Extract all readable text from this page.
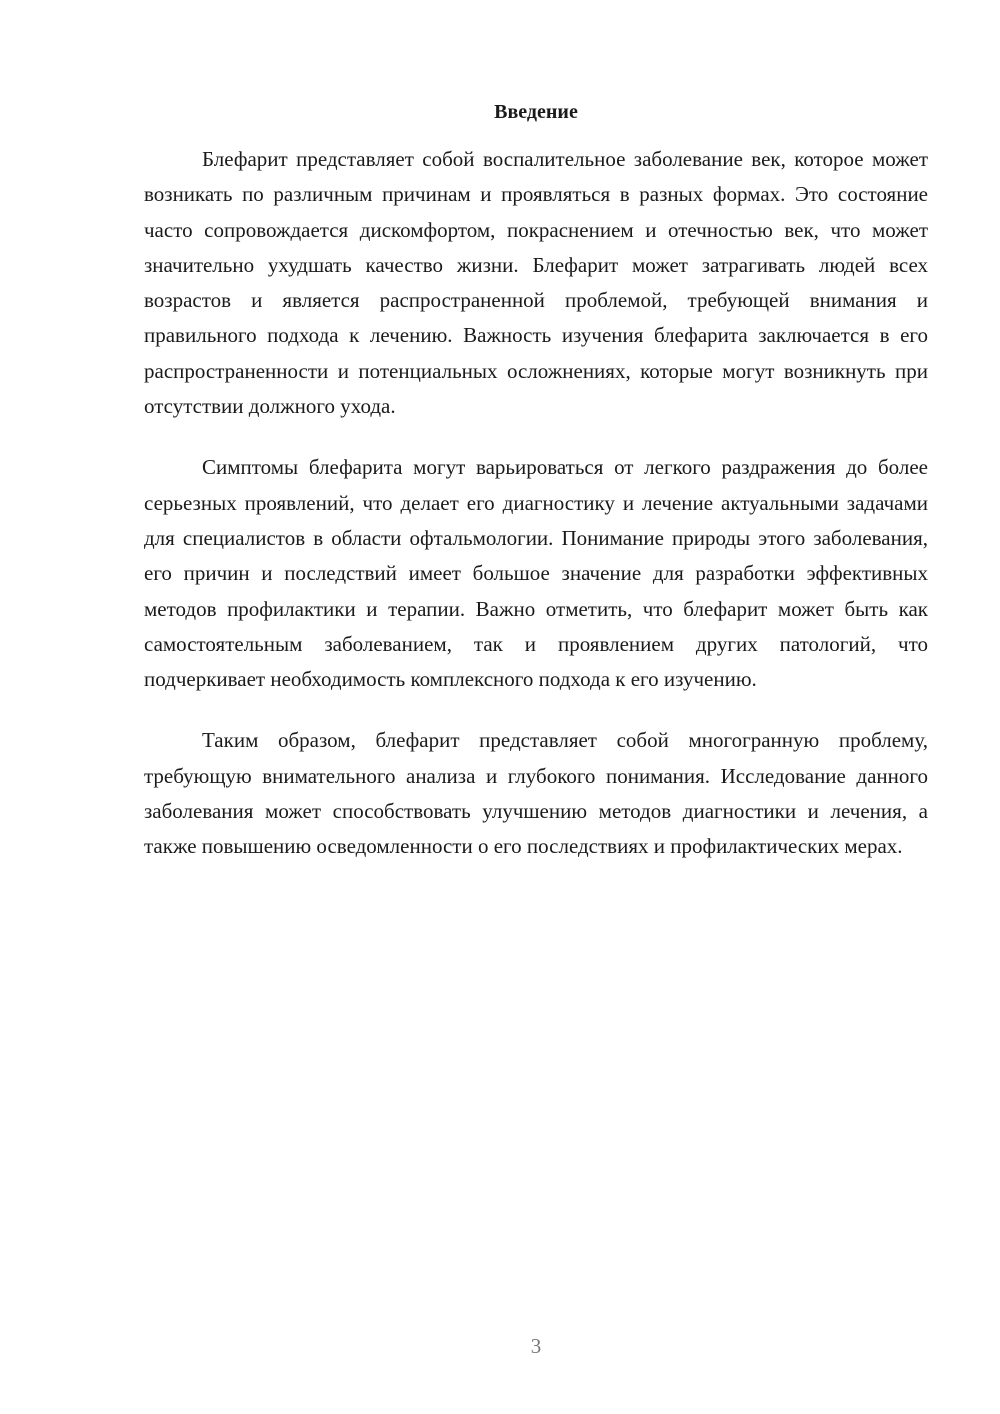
Введение

Блефарит представляет собой воспалительное заболевание век, которое может возникать по различным причинам и проявляться в разных формах. Это состояние часто сопровождается дискомфортом, покраснением и отечностью век, что может значительно ухудшать качество жизни. Блефарит может затрагивать людей всех возрастов и является распространенной проблемой, требующей внимания и правильного подхода к лечению. Важность изучения блефарита заключается в его распространенности и потенциальных осложнениях, которые могут возникнуть при отсутствии должного ухода.

Симптомы блефарита могут варьироваться от легкого раздражения до более серьезных проявлений, что делает его диагностику и лечение актуальными задачами для специалистов в области офтальмологии. Понимание природы этого заболевания, его причин и последствий имеет большое значение для разработки эффективных методов профилактики и терапии. Важно отметить, что блефарит может быть как самостоятельным заболеванием, так и проявлением других патологий, что подчеркивает необходимость комплексного подхода к его изучению.

Таким образом, блефарит представляет собой многогранную проблему, требующую внимательного анализа и глубокого понимания. Исследование данного заболевания может способствовать улучшению методов диагностики и лечения, а также повышению осведомленности о его последствиях и профилактических мерах.

3
